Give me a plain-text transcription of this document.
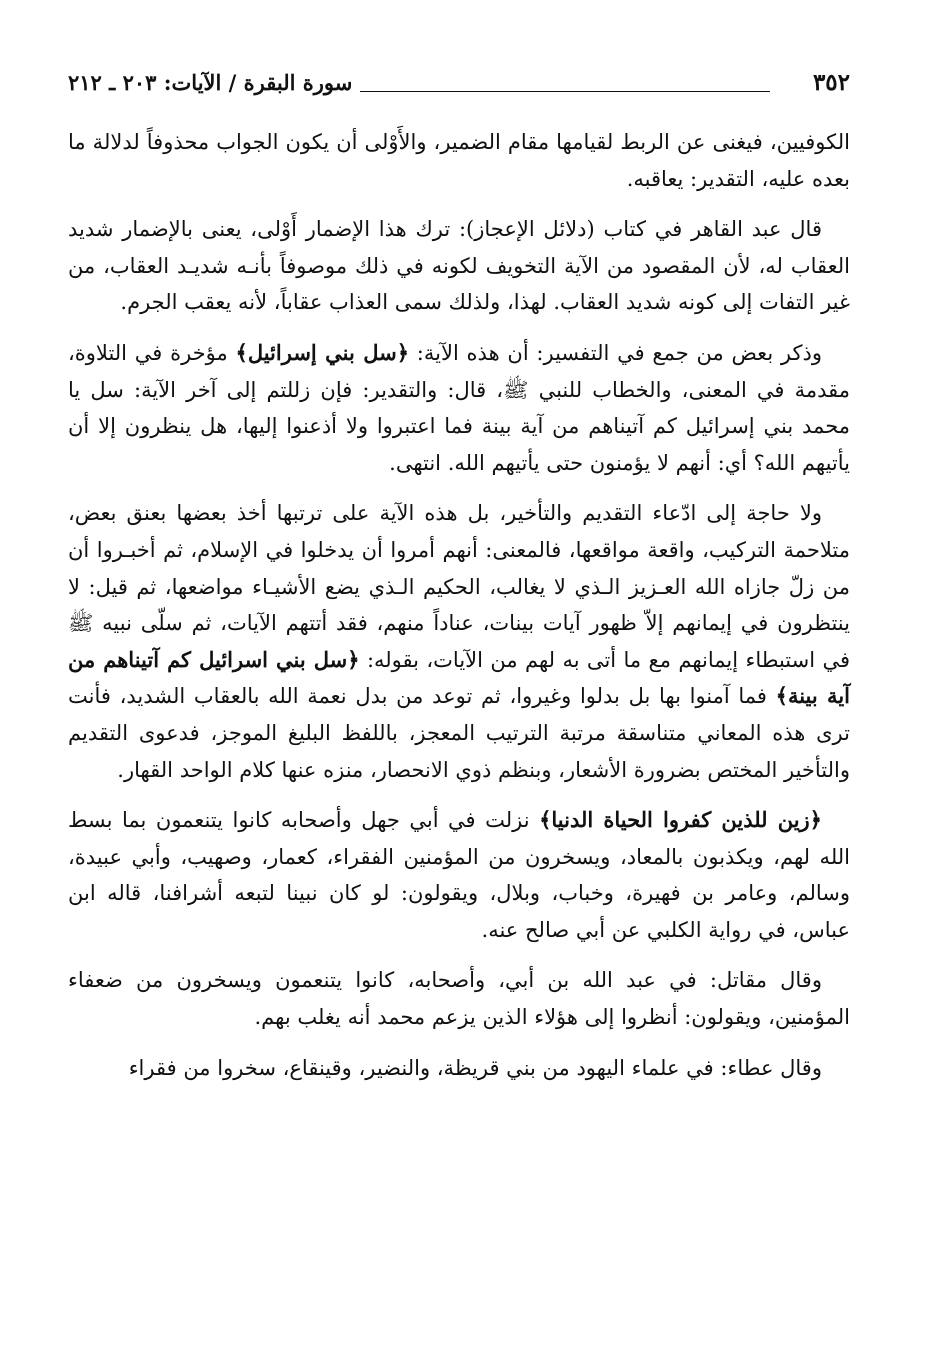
٣٥٢
سورة البقرة / الآيات: ٢٠٣ ـ ٢١٢

الكوفيين، فيغنى عن الربط لقيامها مقام الضمير، والأَوْلى أن يكون الجواب محذوفاً لدلالة ما بعده عليه، التقدير: يعاقبه.

قال عبد القاهر في كتاب (دلائل الإعجاز): ترك هذا الإضمار أَوْلى، يعنى بالإضمار شديد العقاب له، لأن المقصود من الآية التخويف لكونه في ذلك موصوفاً بأنـه شديـد العقاب، من غير التفات إلى كونه شديد العقاب. لهذا، ولذلك سمى العذاب عقاباً، لأنه يعقب الجرم.

وذكر بعض من جمع في التفسير: أن هذه الآية: ﴿سل بني إسرائيل﴾ مؤخرة في التلاوة، مقدمة في المعنى، والخطاب للنبي ﷺ، قال: والتقدير: فإن زللتم إلى آخر الآية: سل يا محمد بني إسرائيل كم آتيناهم من آية بينة فما اعتبروا ولا أذعنوا إليها، هل ينظرون إلا أن يأتيهم الله؟ أي: أنهم لا يؤمنون حتى يأتيهم الله. انتهى.

ولا حاجة إلى ادّعاء التقديم والتأخير، بل هذه الآية على ترتبها أخذ بعضها بعنق بعض، متلاحمة التركيب، واقعة مواقعها، فالمعنى: أنهم أمروا أن يدخلوا في الإسلام، ثم أخبـروا أن من زلّ جازاه الله العـزيز الـذي لا يغالب، الحكيم الـذي يضع الأشيـاء مواضعها، ثم قيل: لا ينتظرون في إيمانهم إلاّ ظهور آيات بينات، عناداً منهم، فقد أتتهم الآيات، ثم سلّى نبيه ﷺ في استبطاء إيمانهم مع ما أتى به لهم من الآيات، بقوله: ﴿سل بني اسرائيل كم آتيناهم من آية بينة﴾ فما آمنوا بها بل بدلوا وغيروا، ثم توعد من بدل نعمة الله بالعقاب الشديد، فأنت ترى هذه المعاني متناسقة مرتبة الترتيب المعجز، باللفظ البليغ الموجز، فدعوى التقديم والتأخير المختص بضرورة الأشعار، وبنظم ذوي الانحصار، منزه عنها كلام الواحد القهار.

﴿زين للذين كفروا الحياة الدنيا﴾ نزلت في أبي جهل وأصحابه كانوا يتنعمون بما بسط الله لهم، ويكذبون بالمعاد، ويسخرون من المؤمنين الفقراء، كعمار، وصهيب، وأبي عبيدة، وسالم، وعامر بن فهيرة، وخباب، وبلال، ويقولون: لو كان نبينا لتبعه أشرافنا، قاله ابن عباس، في رواية الكلبي عن أبي صالح عنه.

وقال مقاتل: في عبد الله بن أبي، وأصحابه، كانوا يتنعمون ويسخرون من ضعفاء المؤمنين، ويقولون: أنظروا إلى هؤلاء الذين يزعم محمد أنه يغلب بهم.

وقال عطاء: في علماء اليهود من بني قريظة، والنضير، وقينقاع، سخروا من فقراء
